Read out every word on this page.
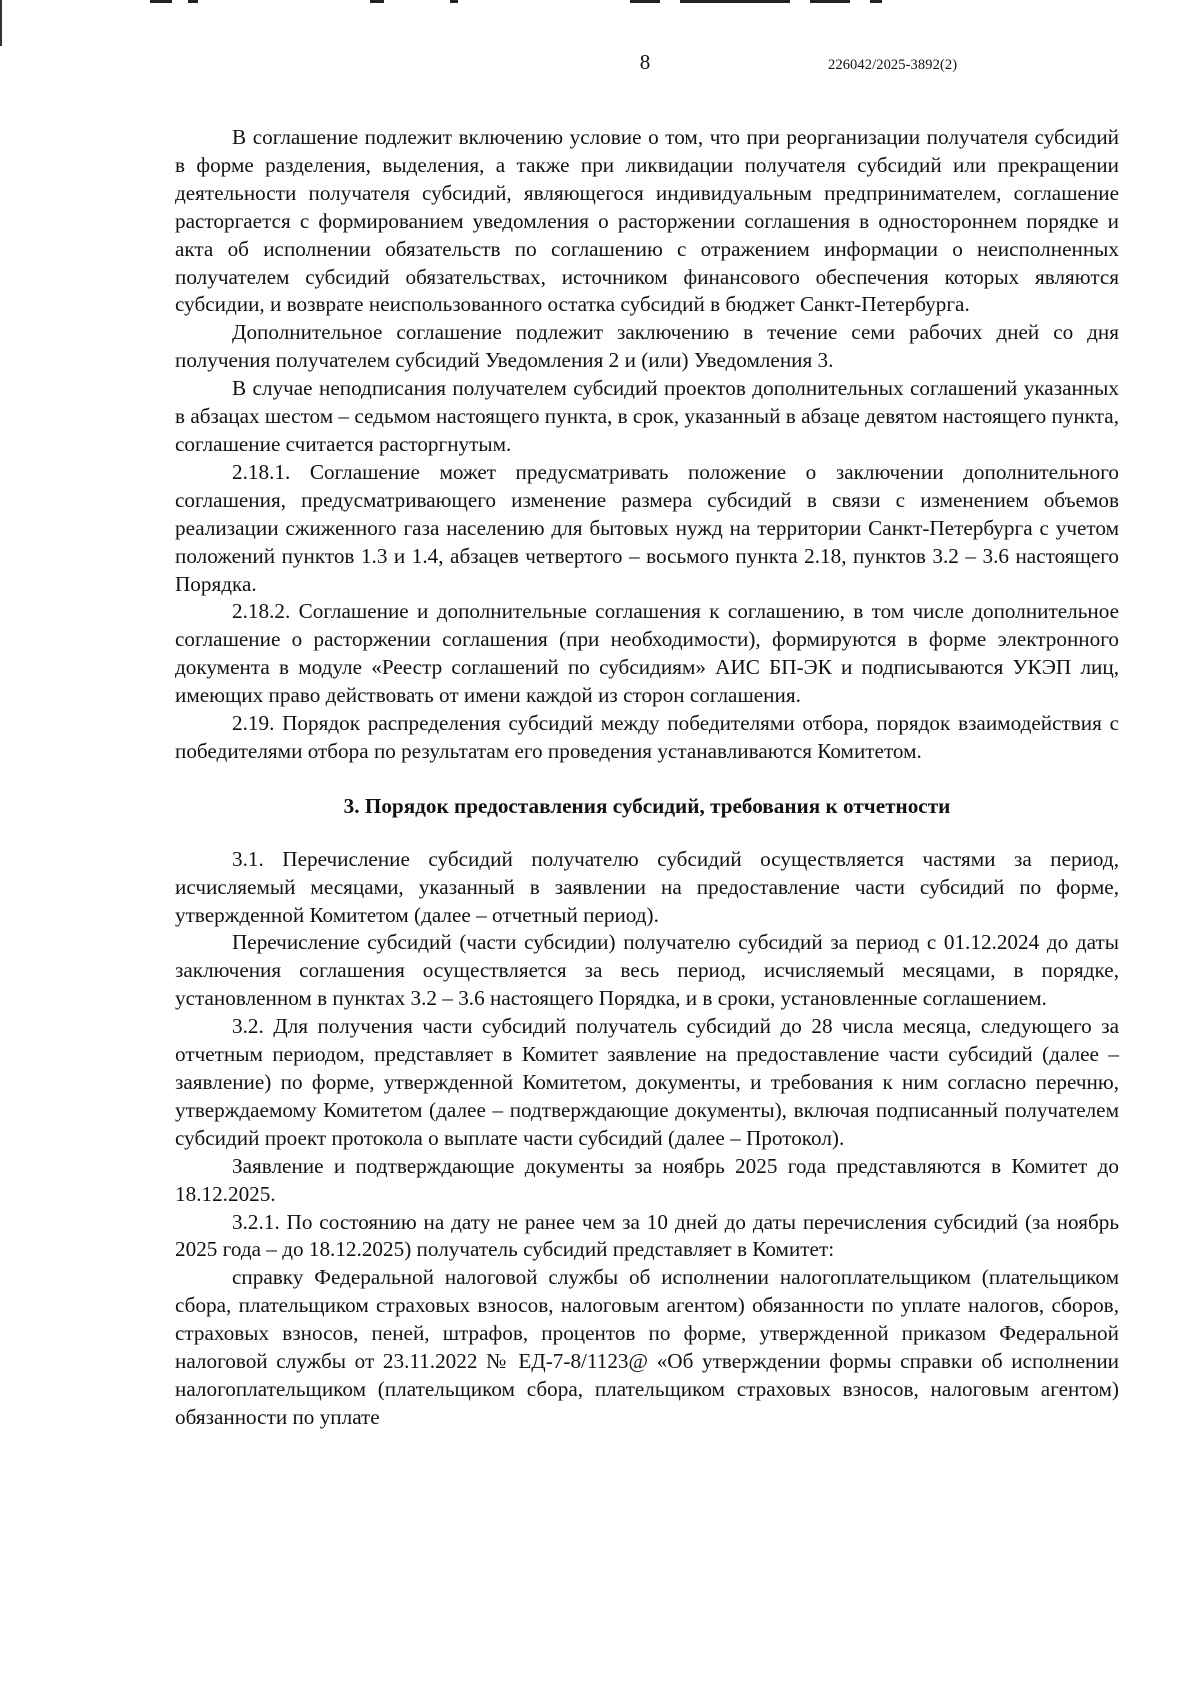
8	226042/2025-3892(2)

В соглашение подлежит включению условие о том, что при реорганизации получателя субсидий в форме разделения, выделения, а также при ликвидации получателя субсидий или прекращении деятельности получателя субсидий, являющегося индивидуальным предпринимателем, соглашение расторгается с формированием уведомления о расторжении соглашения в одностороннем порядке и акта об исполнении обязательств по соглашению с отражением информации о неисполненных получателем субсидий обязательствах, источником финансового обеспечения которых являются субсидии, и возврате неиспользованного остатка субсидий в бюджет Санкт-Петербурга.

Дополнительное соглашение подлежит заключению в течение семи рабочих дней со дня получения получателем субсидий Уведомления 2 и (или) Уведомления 3.

В случае неподписания получателем субсидий проектов дополнительных соглашений указанных в абзацах шестом – седьмом настоящего пункта, в срок, указанный в абзаце девятом настоящего пункта, соглашение считается расторгнутым.

2.18.1. Соглашение может предусматривать положение о заключении дополнительного соглашения, предусматривающего изменение размера субсидий в связи с изменением объемов реализации сжиженного газа населению для бытовых нужд на территории Санкт-Петербурга с учетом положений пунктов 1.3 и 1.4, абзацев четвертого – восьмого пункта 2.18, пунктов 3.2 – 3.6 настоящего Порядка.

2.18.2. Соглашение и дополнительные соглашения к соглашению, в том числе дополнительное соглашение о расторжении соглашения (при необходимости), формируются в форме электронного документа в модуле «Реестр соглашений по субсидиям» АИС БП-ЭК и подписываются УКЭП лиц, имеющих право действовать от имени каждой из сторон соглашения.

2.19. Порядок распределения субсидий между победителями отбора, порядок взаимодействия с победителями отбора по результатам его проведения устанавливаются Комитетом.

3. Порядок предоставления субсидий, требования к отчетности

3.1. Перечисление субсидий получателю субсидий осуществляется частями за период, исчисляемый месяцами, указанный в заявлении на предоставление части субсидий по форме, утвержденной Комитетом (далее – отчетный период).

Перечисление субсидий (части субсидии) получателю субсидий за период с 01.12.2024 до даты заключения соглашения осуществляется за весь период, исчисляемый месяцами, в порядке, установленном в пунктах 3.2 – 3.6 настоящего Порядка, и в сроки, установленные соглашением.

3.2. Для получения части субсидий получатель субсидий до 28 числа месяца, следующего за отчетным периодом, представляет в Комитет заявление на предоставление части субсидий (далее – заявление) по форме, утвержденной Комитетом, документы, и требования к ним согласно перечню, утверждаемому Комитетом (далее – подтверждающие документы), включая подписанный получателем субсидий проект протокола о выплате части субсидий (далее – Протокол).

Заявление и подтверждающие документы за ноябрь 2025 года представляются в Комитет до 18.12.2025.

3.2.1. По состоянию на дату не ранее чем за 10 дней до даты перечисления субсидий (за ноябрь 2025 года – до 18.12.2025) получатель субсидий представляет в Комитет:

справку Федеральной налоговой службы об исполнении налогоплательщиком (плательщиком сбора, плательщиком страховых взносов, налоговым агентом) обязанности по уплате налогов, сборов, страховых взносов, пеней, штрафов, процентов по форме, утвержденной приказом Федеральной налоговой службы от 23.11.2022 № ЕД-7-8/1123@ «Об утверждении формы справки об исполнении налогоплательщиком (плательщиком сбора, плательщиком страховых взносов, налоговым агентом) обязанности по уплате
